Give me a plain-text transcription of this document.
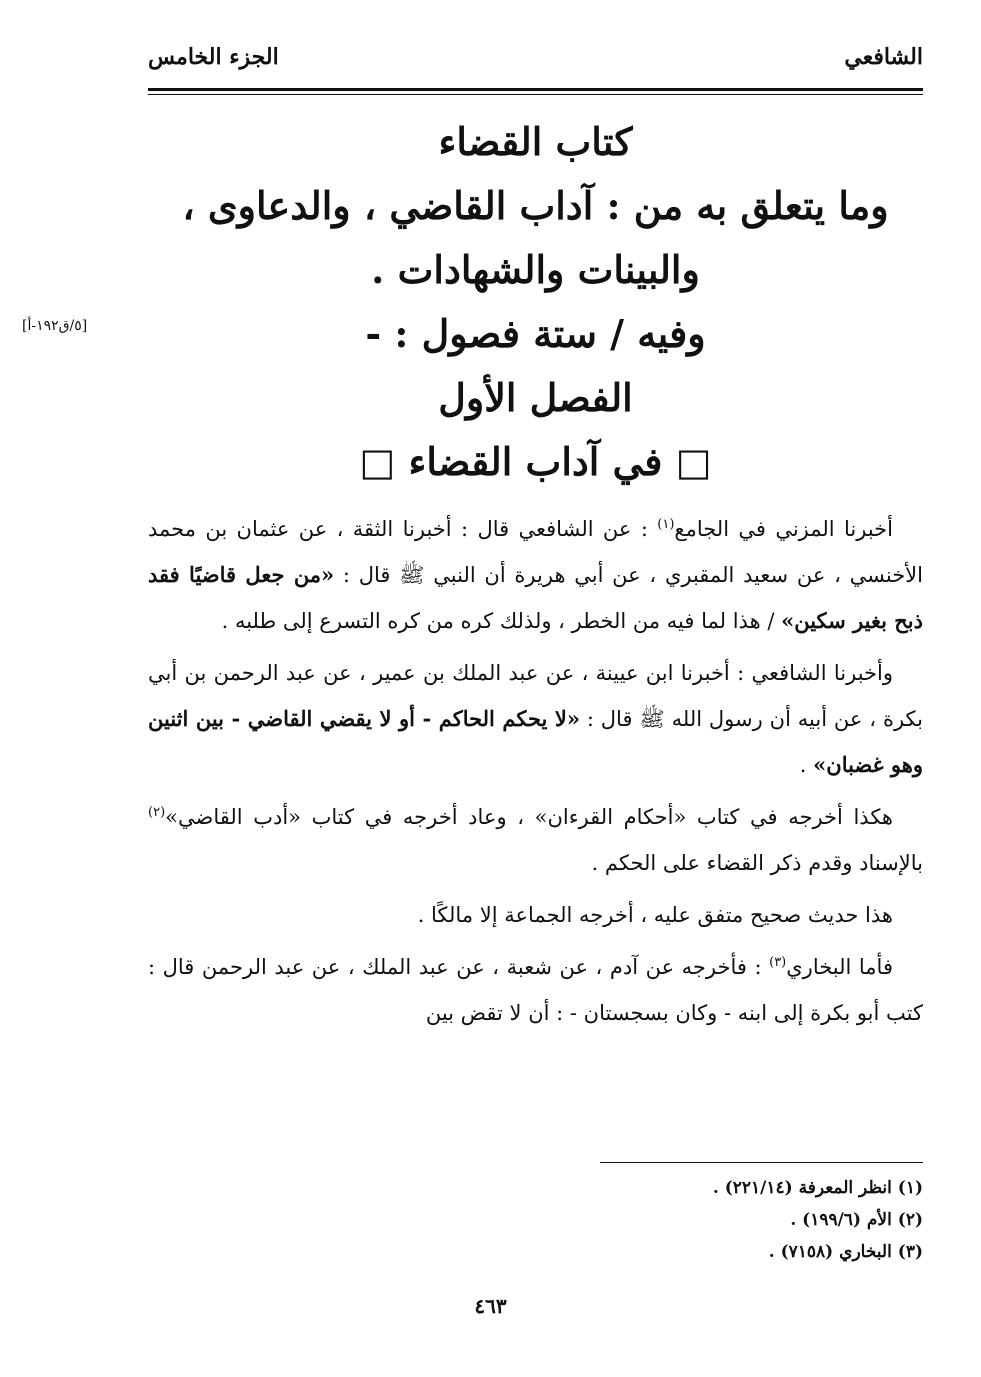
الشافعي
الجزء الخامس
كتاب القضاء
وما يتعلق به من : آداب القاضي ، والدعاوى ،
والبينات والشهادات .
وفيه / ستة فصول : -
الفصل الأول
□ في آداب القضاء □
[٥/ق١٩٢-أ]

أخبرنا المزني في الجامع$^{(١)}$ : عن الشافعي قال : أخبرنا الثقة ، عن عثمان بن محمد الأخنسي ، عن سعيد المقبري ، عن أبي هريرة أن النبي ﷺ قال : «من جعل قاضيًا فقد ذبح بغير سكين» / هذا لما فيه من الخطر ، ولذلك كره من كره التسرع إلى طلبه .

وأخبرنا الشافعي : أخبرنا ابن عيينة ، عن عبد الملك بن عمير ، عن عبد الرحمن بن أبي بكرة ، عن أبيه أن رسول الله ﷺ قال : «لا يحكم الحاكم - أو لا يقضي القاضي - بين اثنين وهو غضبان» .

هكذا أخرجه في كتاب «أحكام القرءان» ، وعاد أخرجه في كتاب «أدب القاضي»$^{(٢)}$ بالإسناد وقدم ذكر القضاء على الحكم .

هذا حديث صحيح متفق عليه ، أخرجه الجماعة إلا مالكًا .

فأما البخاري$^{(٣)}$ : فأخرجه عن آدم ، عن شعبة ، عن عبد الملك ، عن عبد الرحمن قال : كتب أبو بكرة إلى ابنه - وكان بسجستان - : أن لا تقض بين

(١) انظر المعرفة (٢٢١/١٤) .
(٢) الأم (١٩٩/٦) .
(٣) البخاري (٧١٥٨) .
٤٦٣
